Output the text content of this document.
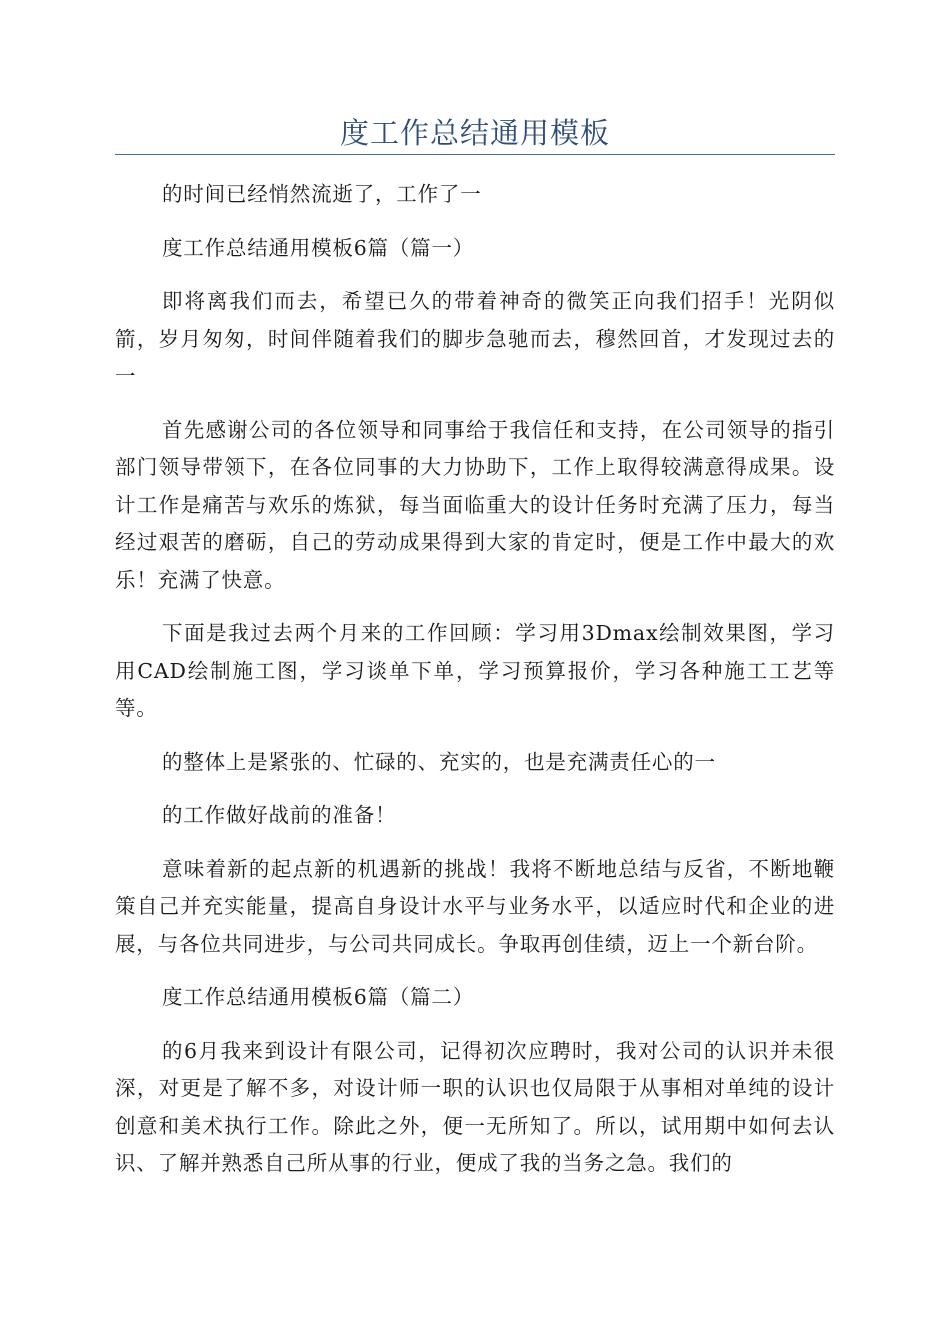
度工作总结通用模板

的时间已经悄然流逝了，工作了一

度工作总结通用模板6篇（篇一）

即将离我们而去，希望已久的带着神奇的微笑正向我们招手！光阴似箭，岁月匆匆，时间伴随着我们的脚步急驰而去，穆然回首，才发现过去的一

首先感谢公司的各位领导和同事给于我信任和支持，在公司领导的指引部门领导带领下，在各位同事的大力协助下，工作上取得较满意得成果。设计工作是痛苦与欢乐的炼狱，每当面临重大的设计任务时充满了压力，每当经过艰苦的磨砺，自己的劳动成果得到大家的肯定时，便是工作中最大的欢乐！充满了快意。

下面是我过去两个月来的工作回顾：学习用3Dmax绘制效果图，学习用CAD绘制施工图，学习谈单下单，学习预算报价，学习各种施工工艺等等。

的整体上是紧张的、忙碌的、充实的，也是充满责任心的一

的工作做好战前的准备！

意味着新的起点新的机遇新的挑战！我将不断地总结与反省，不断地鞭策自己并充实能量，提高自身设计水平与业务水平，以适应时代和企业的进展，与各位共同进步，与公司共同成长。争取再创佳绩，迈上一个新台阶。

度工作总结通用模板6篇（篇二）

的6月我来到设计有限公司，记得初次应聘时，我对公司的认识并未很深，对更是了解不多，对设计师一职的认识也仅局限于从事相对单纯的设计创意和美术执行工作。除此之外，便一无所知了。所以，试用期中如何去认识、了解并熟悉自己所从事的行业，便成了我的当务之急。我们的
